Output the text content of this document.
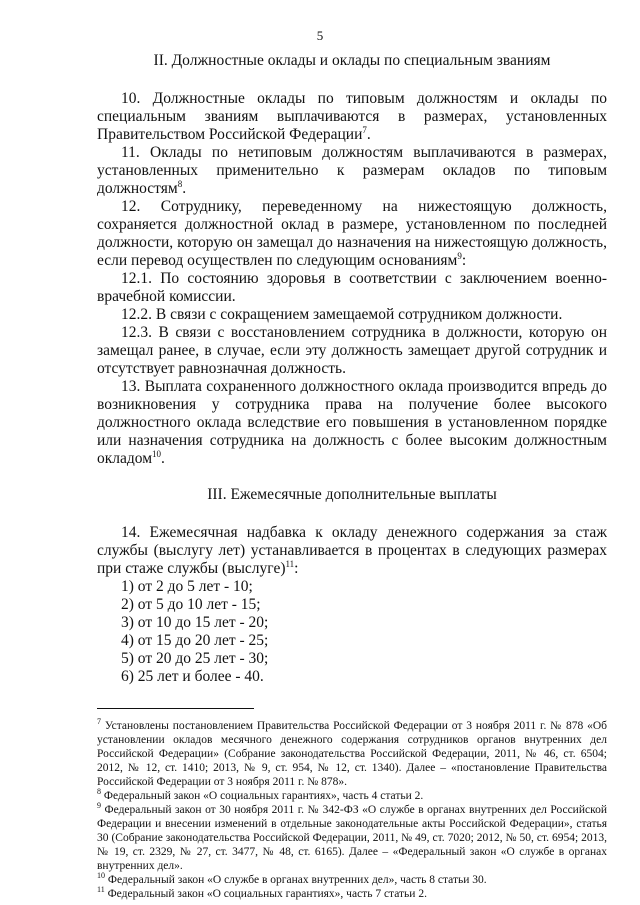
5

II. Должностные оклады и оклады по специальным званиям

10. Должностные оклады по типовым должностям и оклады по специальным званиям выплачиваются в размерах, установленных Правительством Российской Федерации$^7$.

11. Оклады по нетиповым должностям выплачиваются в размерах, установленных применительно к размерам окладов по типовым должностям$^8$.

12. Сотруднику, переведенному на нижестоящую должность, сохраняется должностной оклад в размере, установленном по последней должности, которую он замещал до назначения на нижестоящую должность, если перевод осуществлен по следующим основаниям$^9$:

12.1. По состоянию здоровья в соответствии с заключением военно-врачебной комиссии.

12.2. В связи с сокращением замещаемой сотрудником должности.

12.3. В связи с восстановлением сотрудника в должности, которую он замещал ранее, в случае, если эту должность замещает другой сотрудник и отсутствует равнозначная должность.

13. Выплата сохраненного должностного оклада производится впредь до возникновения у сотрудника права на получение более высокого должностного оклада вследствие его повышения в установленном порядке или назначения сотрудника на должность с более высоким должностным окладом$^{10}$.

III. Ежемесячные дополнительные выплаты

14. Ежемесячная надбавка к окладу денежного содержания за стаж службы (выслугу лет) устанавливается в процентах в следующих размерах при стаже службы (выслуге)$^{11}$:

1) от 2 до 5 лет - 10;
2) от 5 до 10 лет - 15;
3) от 10 до 15 лет - 20;
4) от 15 до 20 лет - 25;
5) от 20 до 25 лет - 30;
6) 25 лет и более - 40.

$^7$ Установлены постановлением Правительства Российской Федерации от 3 ноября 2011 г. № 878 «Об установлении окладов месячного денежного содержания сотрудников органов внутренних дел Российской Федерации» (Собрание законодательства Российской Федерации, 2011, № 46, ст. 6504; 2012, № 12, ст. 1410; 2013, № 9, ст. 954, № 12, ст. 1340). Далее – «постановление Правительства Российской Федерации от 3 ноября 2011 г. № 878».

$^8$ Федеральный закон «О социальных гарантиях», часть 4 статьи 2.

$^9$ Федеральный закон от 30 ноября 2011 г. № 342-ФЗ «О службе в органах внутренних дел Российской Федерации и внесении изменений в отдельные законодательные акты Российской Федерации», статья 30 (Собрание законодательства Российской Федерации, 2011, № 49, ст. 7020; 2012, № 50, ст. 6954; 2013, № 19, ст. 2329, № 27, ст. 3477, № 48, ст. 6165). Далее – «Федеральный закон «О службе в органах внутренних дел».

$^{10}$ Федеральный закон «О службе в органах внутренних дел», часть 8 статьи 30.

$^{11}$ Федеральный закон «О социальных гарантиях», часть 7 статьи 2.
